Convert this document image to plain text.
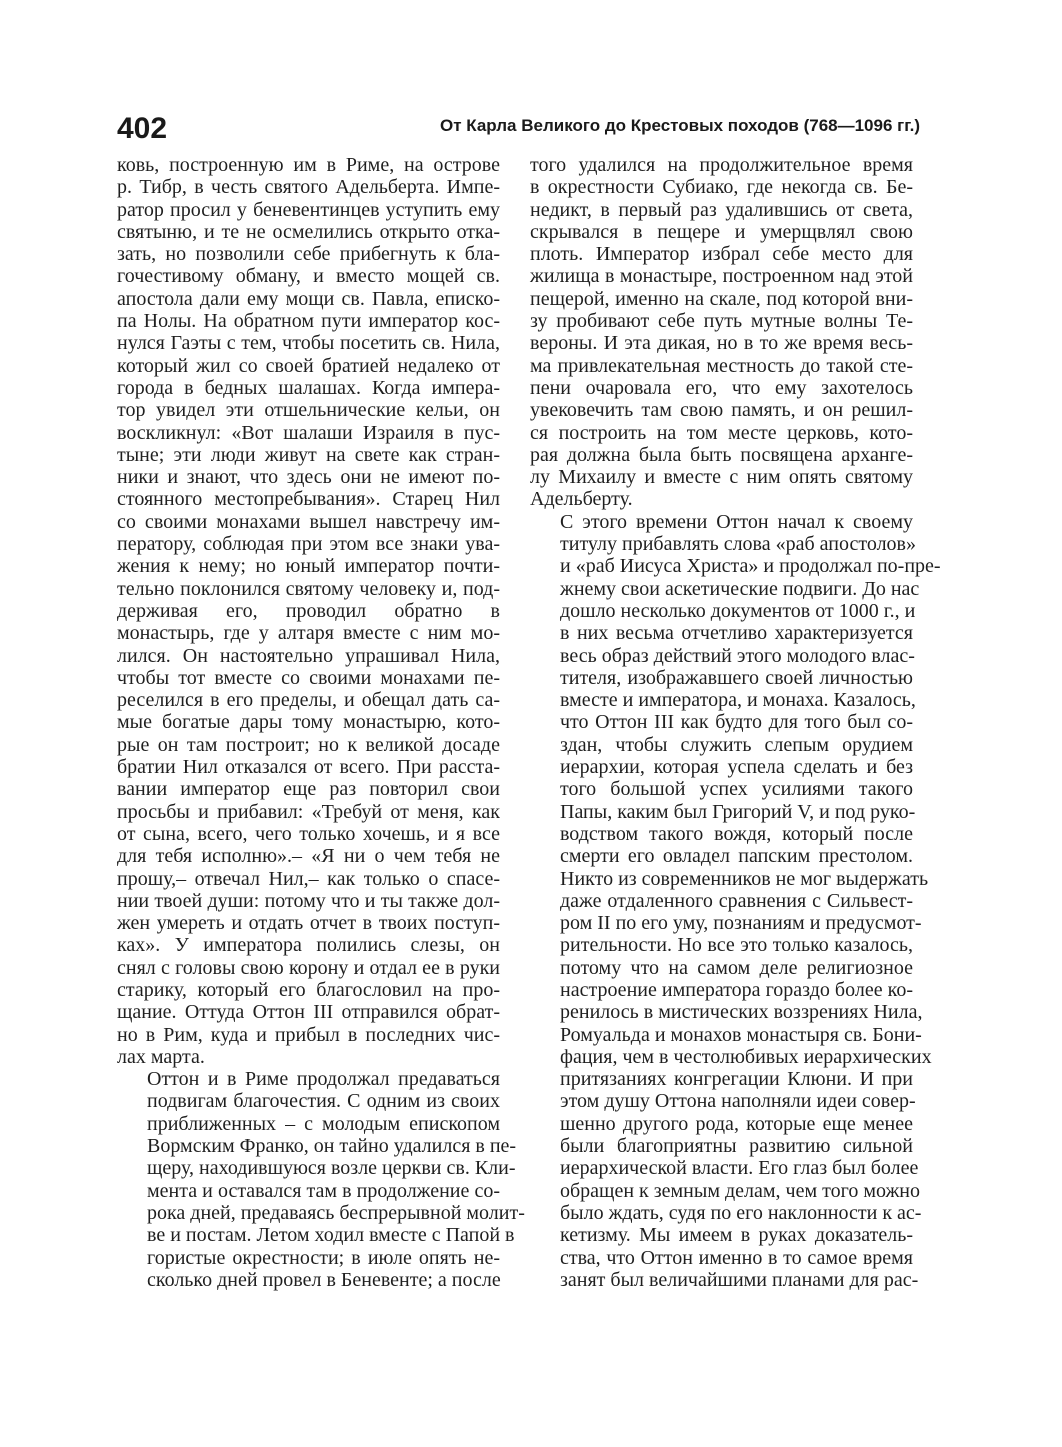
402	От Карла Великого до Крестовых походов (768—1096 гг.)

ковь, построенную им в Риме, на острове
р. Тибр, в честь святого Адельберта. Импе-
ратор просил у беневентинцев уступить ему
святыню, и те не осмелились открыто отка-
зать, но позволили себе прибегнуть к бла-
гочестивому обману, и вместо мощей св.
апостола дали ему мощи св. Павла, еписко-
па Нолы. На обратном пути император кос-
нулся Гаэты с тем, чтобы посетить св. Нила,
который жил со своей братией недалеко от
города в бедных шалашах. Когда импера-
тор увидел эти отшельнические кельи, он
воскликнул: «Вот шалаши Израиля в пус-
тыне; эти люди живут на свете как стран-
ники и знают, что здесь они не имеют по-
стоянного местопребывания». Старец Нил
со своими монахами вышел навстречу им-
ператору, соблюдая при этом все знаки ува-
жения к нему; но юный император почти-
тельно поклонился святому человеку и, под-
держивая его, проводил обратно в
монастырь, где у алтаря вместе с ним мо-
лился. Он настоятельно упрашивал Нила,
чтобы тот вместе со своими монахами пе-
реселился в его пределы, и обещал дать са-
мые богатые дары тому монастырю, кото-
рые он там построит; но к великой досаде
братии Нил отказался от всего. При расста-
вании император еще раз повторил свои
просьбы и прибавил: «Требуй от меня, как
от сына, всего, чего только хочешь, и я все
для тебя исполню».– «Я ни о чем тебя не
прошу,– отвечал Нил,– как только о спасе-
нии твоей души: потому что и ты также дол-
жен умереть и отдать отчет в твоих поступ-
ках». У императора полились слезы, он
снял с головы свою корону и отдал ее в руки
старику, который его благословил на про-
щание. Оттуда Оттон III отправился обрат-
но в Рим, куда и прибыл в последних чис-
лах марта.

Оттон и в Риме продолжал предаваться
подвигам благочестия. С одним из своих
приближенных – с молодым епископом
Вормским Франко, он тайно удалился в пе-
щеру, находившуюся возле церкви св. Кли-
мента и оставался там в продолжение со-
рока дней, предаваясь беспрерывной молит-
ве и постам. Летом ходил вместе с Папой в
гористые окрестности; в июле опять не-
сколько дней провел в Беневенте; а после

того удалился на продолжительное время
в окрестности Субиако, где некогда св. Бе-
недикт, в первый раз удалившись от света,
скрывался в пещере и умерщвлял свою
плоть. Император избрал себе место для
жилища в монастыре, построенном над этой
пещерой, именно на скале, под которой вни-
зу пробивают себе путь мутные волны Те-
вероны. И эта дикая, но в то же время весь-
ма привлекательная местность до такой сте-
пени очаровала его, что ему захотелось
увековечить там свою память, и он решил-
ся построить на том месте церковь, кото-
рая должна была быть посвящена арханге-
лу Михаилу и вместе с ним опять святому
Адельберту.

С этого времени Оттон начал к своему
титулу прибавлять слова «раб апостолов»
и «раб Иисуса Христа» и продолжал по-пре-
жнему свои аскетические подвиги. До нас
дошло несколько документов от 1000 г., и
в них весьма отчетливо характеризуется
весь образ действий этого молодого влас-
тителя, изображавшего своей личностью
вместе и императора, и монаха. Казалось,
что Оттон III как будто для того был со-
здан, чтобы служить слепым орудием
иерархии, которая успела сделать и без
того большой успех усилиями такого
Папы, каким был Григорий V, и под руко-
водством такого вождя, который после
смерти его овладел папским престолом.
Никто из современников не мог выдержать
даже отдаленного сравнения с Сильвест-
ром II по его уму, познаниям и предусмот-
рительности. Но все это только казалось,
потому что на самом деле религиозное
настроение императора гораздо более ко-
ренилось в мистических воззрениях Нила,
Ромуальда и монахов монастыря св. Бони-
фация, чем в честолюбивых иерархических
притязаниях конгрегации Клюни. И при
этом душу Оттона наполняли идеи совер-
шенно другого рода, которые еще менее
были благоприятны развитию сильной
иерархической власти. Его глаз был более
обращен к земным делам, чем того можно
было ждать, судя по его наклонности к ас-
кетизму. Мы имеем в руках доказатель-
ства, что Оттон именно в то самое время
занят был величайшими планами для рас-
